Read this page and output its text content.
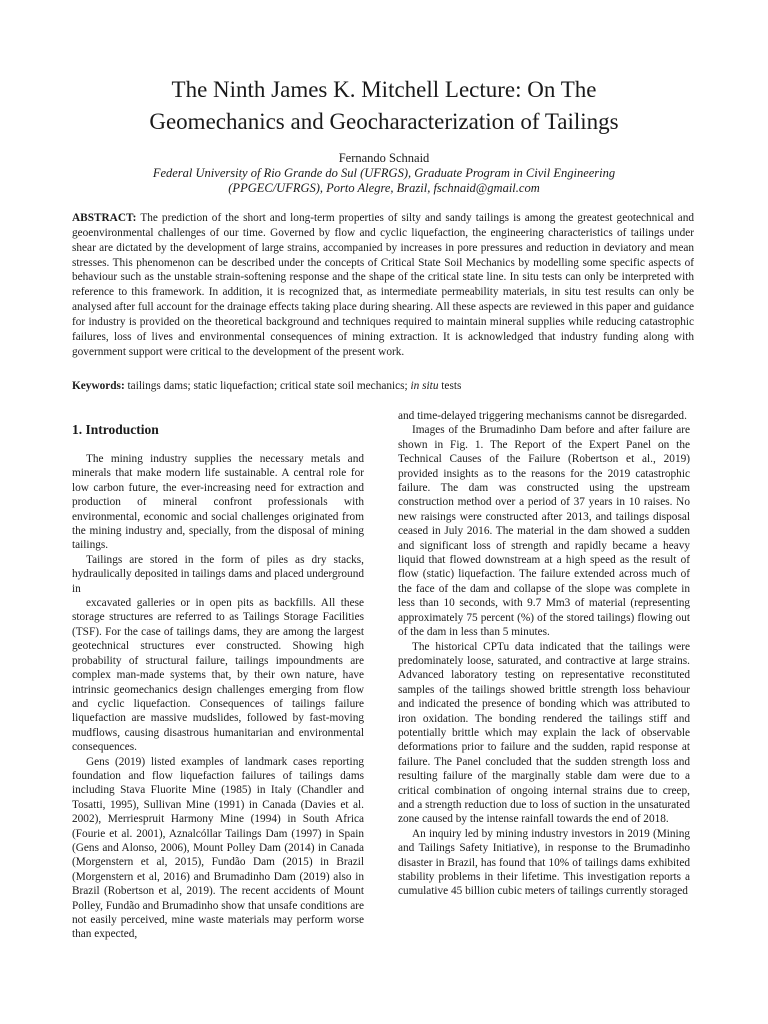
The Ninth James K. Mitchell Lecture: On The
Geomechanics and Geocharacterization of Tailings
Fernando Schnaid
Federal University of Rio Grande do Sul (UFRGS), Graduate Program in Civil Engineering
(PPGEC/UFRGS), Porto Alegre, Brazil, fschnaid@gmail.com
ABSTRACT: The prediction of the short and long-term properties of silty and sandy tailings is among the greatest geotechnical and geoenvironmental challenges of our time. Governed by flow and cyclic liquefaction, the engineering characteristics of tailings under shear are dictated by the development of large strains, accompanied by increases in pore pressures and reduction in deviatory and mean stresses. This phenomenon can be described under the concepts of Critical State Soil Mechanics by modelling some specific aspects of behaviour such as the unstable strain-softening response and the shape of the critical state line. In situ tests can only be interpreted with reference to this framework. In addition, it is recognized that, as intermediate permeability materials, in situ test results can only be analysed after full account for the drainage effects taking place during shearing. All these aspects are reviewed in this paper and guidance for industry is provided on the theoretical background and techniques required to maintain mineral supplies while reducing catastrophic failures, loss of lives and environmental consequences of mining extraction. It is acknowledged that industry funding along with government support were critical to the development of the present work.
Keywords: tailings dams; static liquefaction; critical state soil mechanics; in situ tests
1. Introduction

The mining industry supplies the necessary metals and minerals that make modern life sustainable. A central role for low carbon future, the ever-increasing need for extraction and production of mineral confront professionals with environmental, economic and social challenges originated from the mining industry and, specially, from the disposal of mining tailings.

Tailings are stored in the form of piles as dry stacks, hydraulically deposited in tailings dams and placed underground in

excavated galleries or in open pits as backfills. All these storage structures are referred to as Tailings Storage Facilities (TSF). For the case of tailings dams, they are among the largest geotechnical structures ever constructed. Showing high probability of structural failure, tailings impoundments are complex man-made systems that, by their own nature, have intrinsic geomechanics design challenges emerging from flow and cyclic liquefaction. Consequences of tailings failure liquefaction are massive mudslides, followed by fast-moving mudflows, causing disastrous humanitarian and environmental consequences.

Gens (2019) listed examples of landmark cases reporting foundation and flow liquefaction failures of tailings dams including Stava Fluorite Mine (1985) in Italy (Chandler and Tosatti, 1995), Sullivan Mine (1991) in Canada (Davies et al. 2002), Merriespruit Harmony Mine (1994) in South Africa (Fourie et al. 2001), Aznalcóllar Tailings Dam (1997) in Spain (Gens and Alonso, 2006), Mount Polley Dam (2014) in Canada (Morgenstern et al, 2015), Fundão Dam (2015) in Brazil (Morgenstern et al, 2016) and Brumadinho Dam (2019) also in Brazil (Robertson et al, 2019). The recent accidents of Mount Polley, Fundão and Brumadinho show that unsafe conditions are not easily perceived, mine waste materials may perform worse than expected,

and time-delayed triggering mechanisms cannot be disregarded.

Images of the Brumadinho Dam before and after failure are shown in Fig. 1. The Report of the Expert Panel on the Technical Causes of the Failure (Robertson et al., 2019) provided insights as to the reasons for the 2019 catastrophic failure. The dam was constructed using the upstream construction method over a period of 37 years in 10 raises. No new raisings were constructed after 2013, and tailings disposal ceased in July 2016. The material in the dam showed a sudden and significant loss of strength and rapidly became a heavy liquid that flowed downstream at a high speed as the result of flow (static) liquefaction. The failure extended across much of the face of the dam and collapse of the slope was complete in less than 10 seconds, with 9.7 Mm3 of material (representing approximately 75 percent (%) of the stored tailings) flowing out of the dam in less than 5 minutes.

The historical CPTu data indicated that the tailings were predominately loose, saturated, and contractive at large strains. Advanced laboratory testing on representative reconstituted samples of the tailings showed brittle strength loss behaviour and indicated the presence of bonding which was attributed to iron oxidation. The bonding rendered the tailings stiff and potentially brittle which may explain the lack of observable deformations prior to failure and the sudden, rapid response at failure. The Panel concluded that the sudden strength loss and resulting failure of the marginally stable dam were due to a critical combination of ongoing internal strains due to creep, and a strength reduction due to loss of suction in the unsaturated zone caused by the intense rainfall towards the end of 2018.

An inquiry led by mining industry investors in 2019 (Mining and Tailings Safety Initiative), in response to the Brumadinho disaster in Brazil, has found that 10% of tailings dams exhibited stability problems in their lifetime. This investigation reports a cumulative 45 billion cubic meters of tailings currently storaged
